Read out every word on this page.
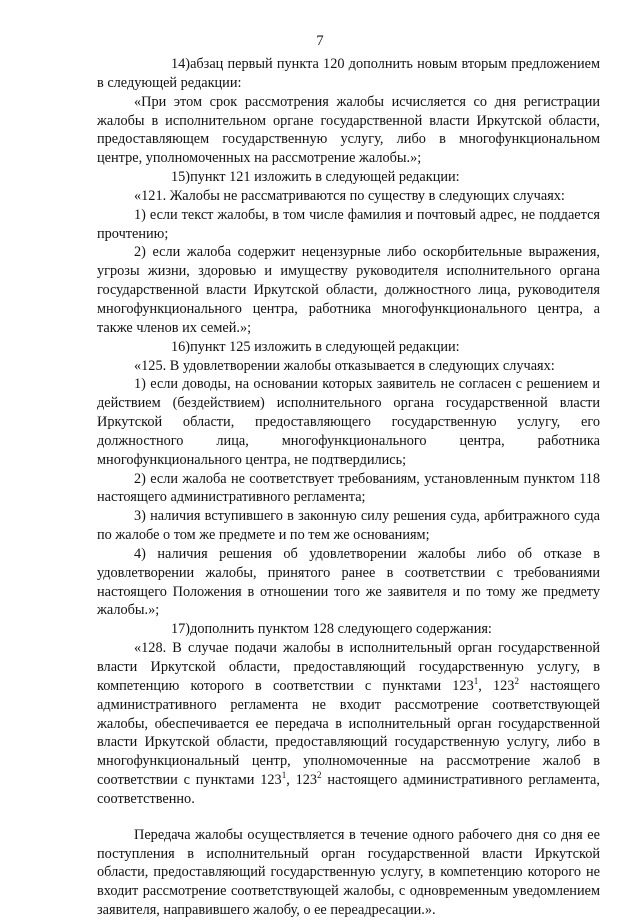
7

14)абзац первый пункта 120 дополнить новым вторым предложением в следующей редакции:

«При этом срок рассмотрения жалобы исчисляется со дня регистрации жалобы в исполнительном органе государственной власти Иркутской области, предоставляющем государственную услугу, либо в многофункциональном центре, уполномоченных на рассмотрение жалобы.»;

15)пункт 121 изложить в следующей редакции:

«121. Жалобы не рассматриваются по существу в следующих случаях:

1) если текст жалобы, в том числе фамилия и почтовый адрес, не поддается прочтению;

2) если жалоба содержит нецензурные либо оскорбительные выражения, угрозы жизни, здоровью и имуществу руководителя исполнительного органа государственной власти Иркутской области, должностного лица, руководителя многофункционального центра, работника многофункционального центра, а также членов их семей.»;

16)пункт 125 изложить в следующей редакции:

«125. В удовлетворении жалобы отказывается в следующих случаях:

1) если доводы, на основании которых заявитель не согласен с решением и действием (бездействием) исполнительного органа государственной власти Иркутской области, предоставляющего государственную услугу, его должностного лица, многофункционального центра, работника многофункционального центра, не подтвердились;

2) если жалоба не соответствует требованиям, установленным пунктом 118 настоящего административного регламента;

3) наличия вступившего в законную силу решения суда, арбитражного суда по жалобе о том же предмете и по тем же основаниям;

4) наличия решения об удовлетворении жалобы либо об отказе в удовлетворении жалобы, принятого ранее в соответствии с требованиями настоящего Положения в отношении того же заявителя и по тому же предмету жалобы.»;

17)дополнить пунктом 128 следующего содержания:

«128. В случае подачи жалобы в исполнительный орган государственной власти Иркутской области, предоставляющий государственную услугу, в компетенцию которого в соответствии с пунктами $123^1$, $123^2$ настоящего административного регламента не входит рассмотрение соответствующей жалобы, обеспечивается ее передача в исполнительный орган государственной власти Иркутской области, предоставляющий государственную услугу, либо в многофункциональный центр, уполномоченные на рассмотрение жалоб в соответствии с пунктами $123^1$, $123^2$ настоящего административного регламента, соответственно.

Передача жалобы осуществляется в течение одного рабочего дня со дня ее поступления в исполнительный орган государственной власти Иркутской области, предоставляющий государственную услугу, в компетенцию которого не входит рассмотрение соответствующей жалобы, с одновременным уведомлением заявителя, направившего жалобу, о ее переадресации.».
